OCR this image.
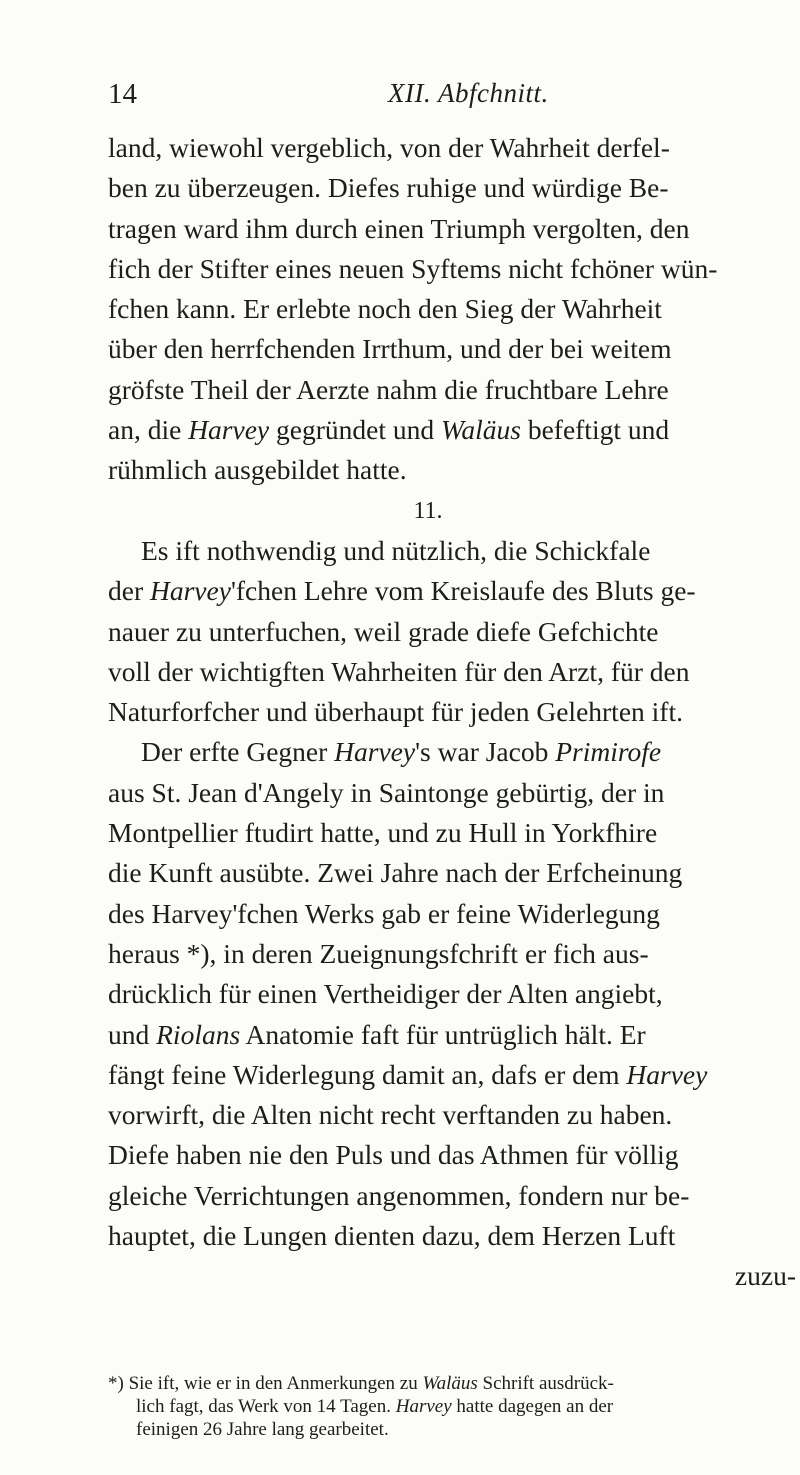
14	XII. Abfchnitt.
land, wiewohl vergeblich, von der Wahrheit derfel-
ben zu überzeugen. Diefes ruhige und würdige Be-
tragen ward ihm durch einen Triumph vergolten, den
fich der Stifter eines neuen Syftems nicht fchöner wün-
fchen kann. Er erlebte noch den Sieg der Wahrheit
über den herrfchenden Irrthum, und der bei weitem
gröfste Theil der Aerzte nahm die fruchtbare Lehre
an, die Harvey gegründet und Waläus befeftigt und
rühmlich ausgebildet hatte.
11.
Es ift nothwendig und nützlich, die Schickfale
der Harvey'fchen Lehre vom Kreislaufe des Bluts ge-
nauer zu unterfuchen, weil grade diefe Gefchichte
voll der wichtigften Wahrheiten für den Arzt, für den
Naturforfcher und überhaupt für jeden Gelehrten ift.
Der erfte Gegner Harvey's war Jacob Primirofe
aus St. Jean d'Angely in Saintonge gebürtig, der in
Montpellier ftudirt hatte, und zu Hull in Yorkfhire
die Kunft ausübte. Zwei Jahre nach der Erfcheinung
des Harvey'fchen Werks gab er feine Widerlegung
heraus *), in deren Zueignungsfchrift er fich aus-
drücklich für einen Vertheidiger der Alten angiebt,
und Riolans Anatomie faft für untrüglich hält. Er
fängt feine Widerlegung damit an, dafs er dem Harvey
vorwirft, die Alten nicht recht verftanden zu haben.
Diefe haben nie den Puls und das Athmen für völlig
gleiche Verrichtungen angenommen, fondern nur be-
hauptet, die Lungen dienten dazu, dem Herzen Luft
zuzu-
*) Sie ift, wie er in den Anmerkungen zu Waläus Schrift ausdrück-
lich fagt, das Werk von 14 Tagen. Harvey hatte dagegen an der
feinigen 26 Jahre lang gearbeitet.
